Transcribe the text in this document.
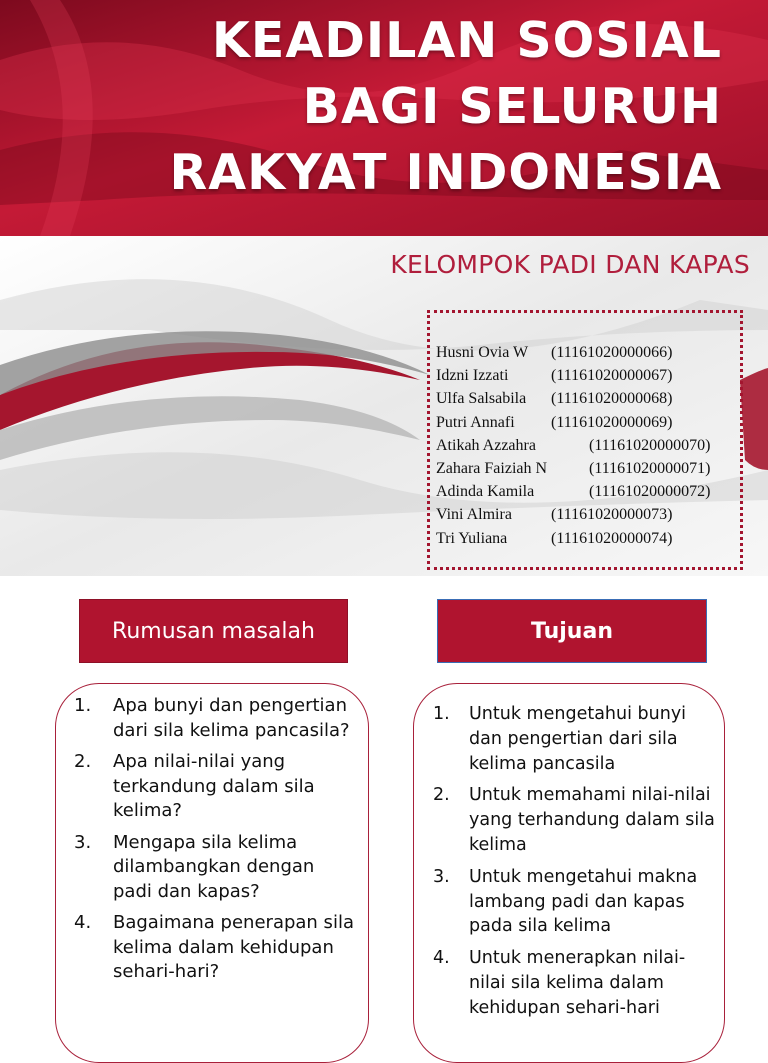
KEADILAN SOSIAL
BAGI SELURUH
RAKYAT INDONESIA
KELOMPOK PADI DAN KAPAS
Husni Ovia W	(11161020000066)
Idzni Izzati	(11161020000067)
Ulfa Salsabila	(11161020000068)
Putri Annafi	(11161020000069)
Atikah Azzahra	(11161020000070)
Zahara Faiziah N	(11161020000071)
Adinda Kamila	(11161020000072)
Vini Almira	(11161020000073)
Tri Yuliana	(11161020000074)
Rumusan masalah	Tujuan
1.	Apa bunyi dan pengertian dari sila kelima pancasila?
2.	Apa nilai-nilai yang terkandung dalam sila kelima?
3.	Mengapa sila kelima dilambangkan dengan padi dan kapas?
4.	Bagaimana penerapan sila kelima dalam kehidupan sehari-hari?
1.	Untuk mengetahui bunyi dan pengertian dari sila kelima pancasila
2.	Untuk memahami nilai-nilai yang terhandung dalam sila kelima
3.	Untuk mengetahui makna lambang padi dan kapas pada sila kelima
4.	Untuk menerapkan nilai-nilai sila kelima dalam kehidupan sehari-hari
